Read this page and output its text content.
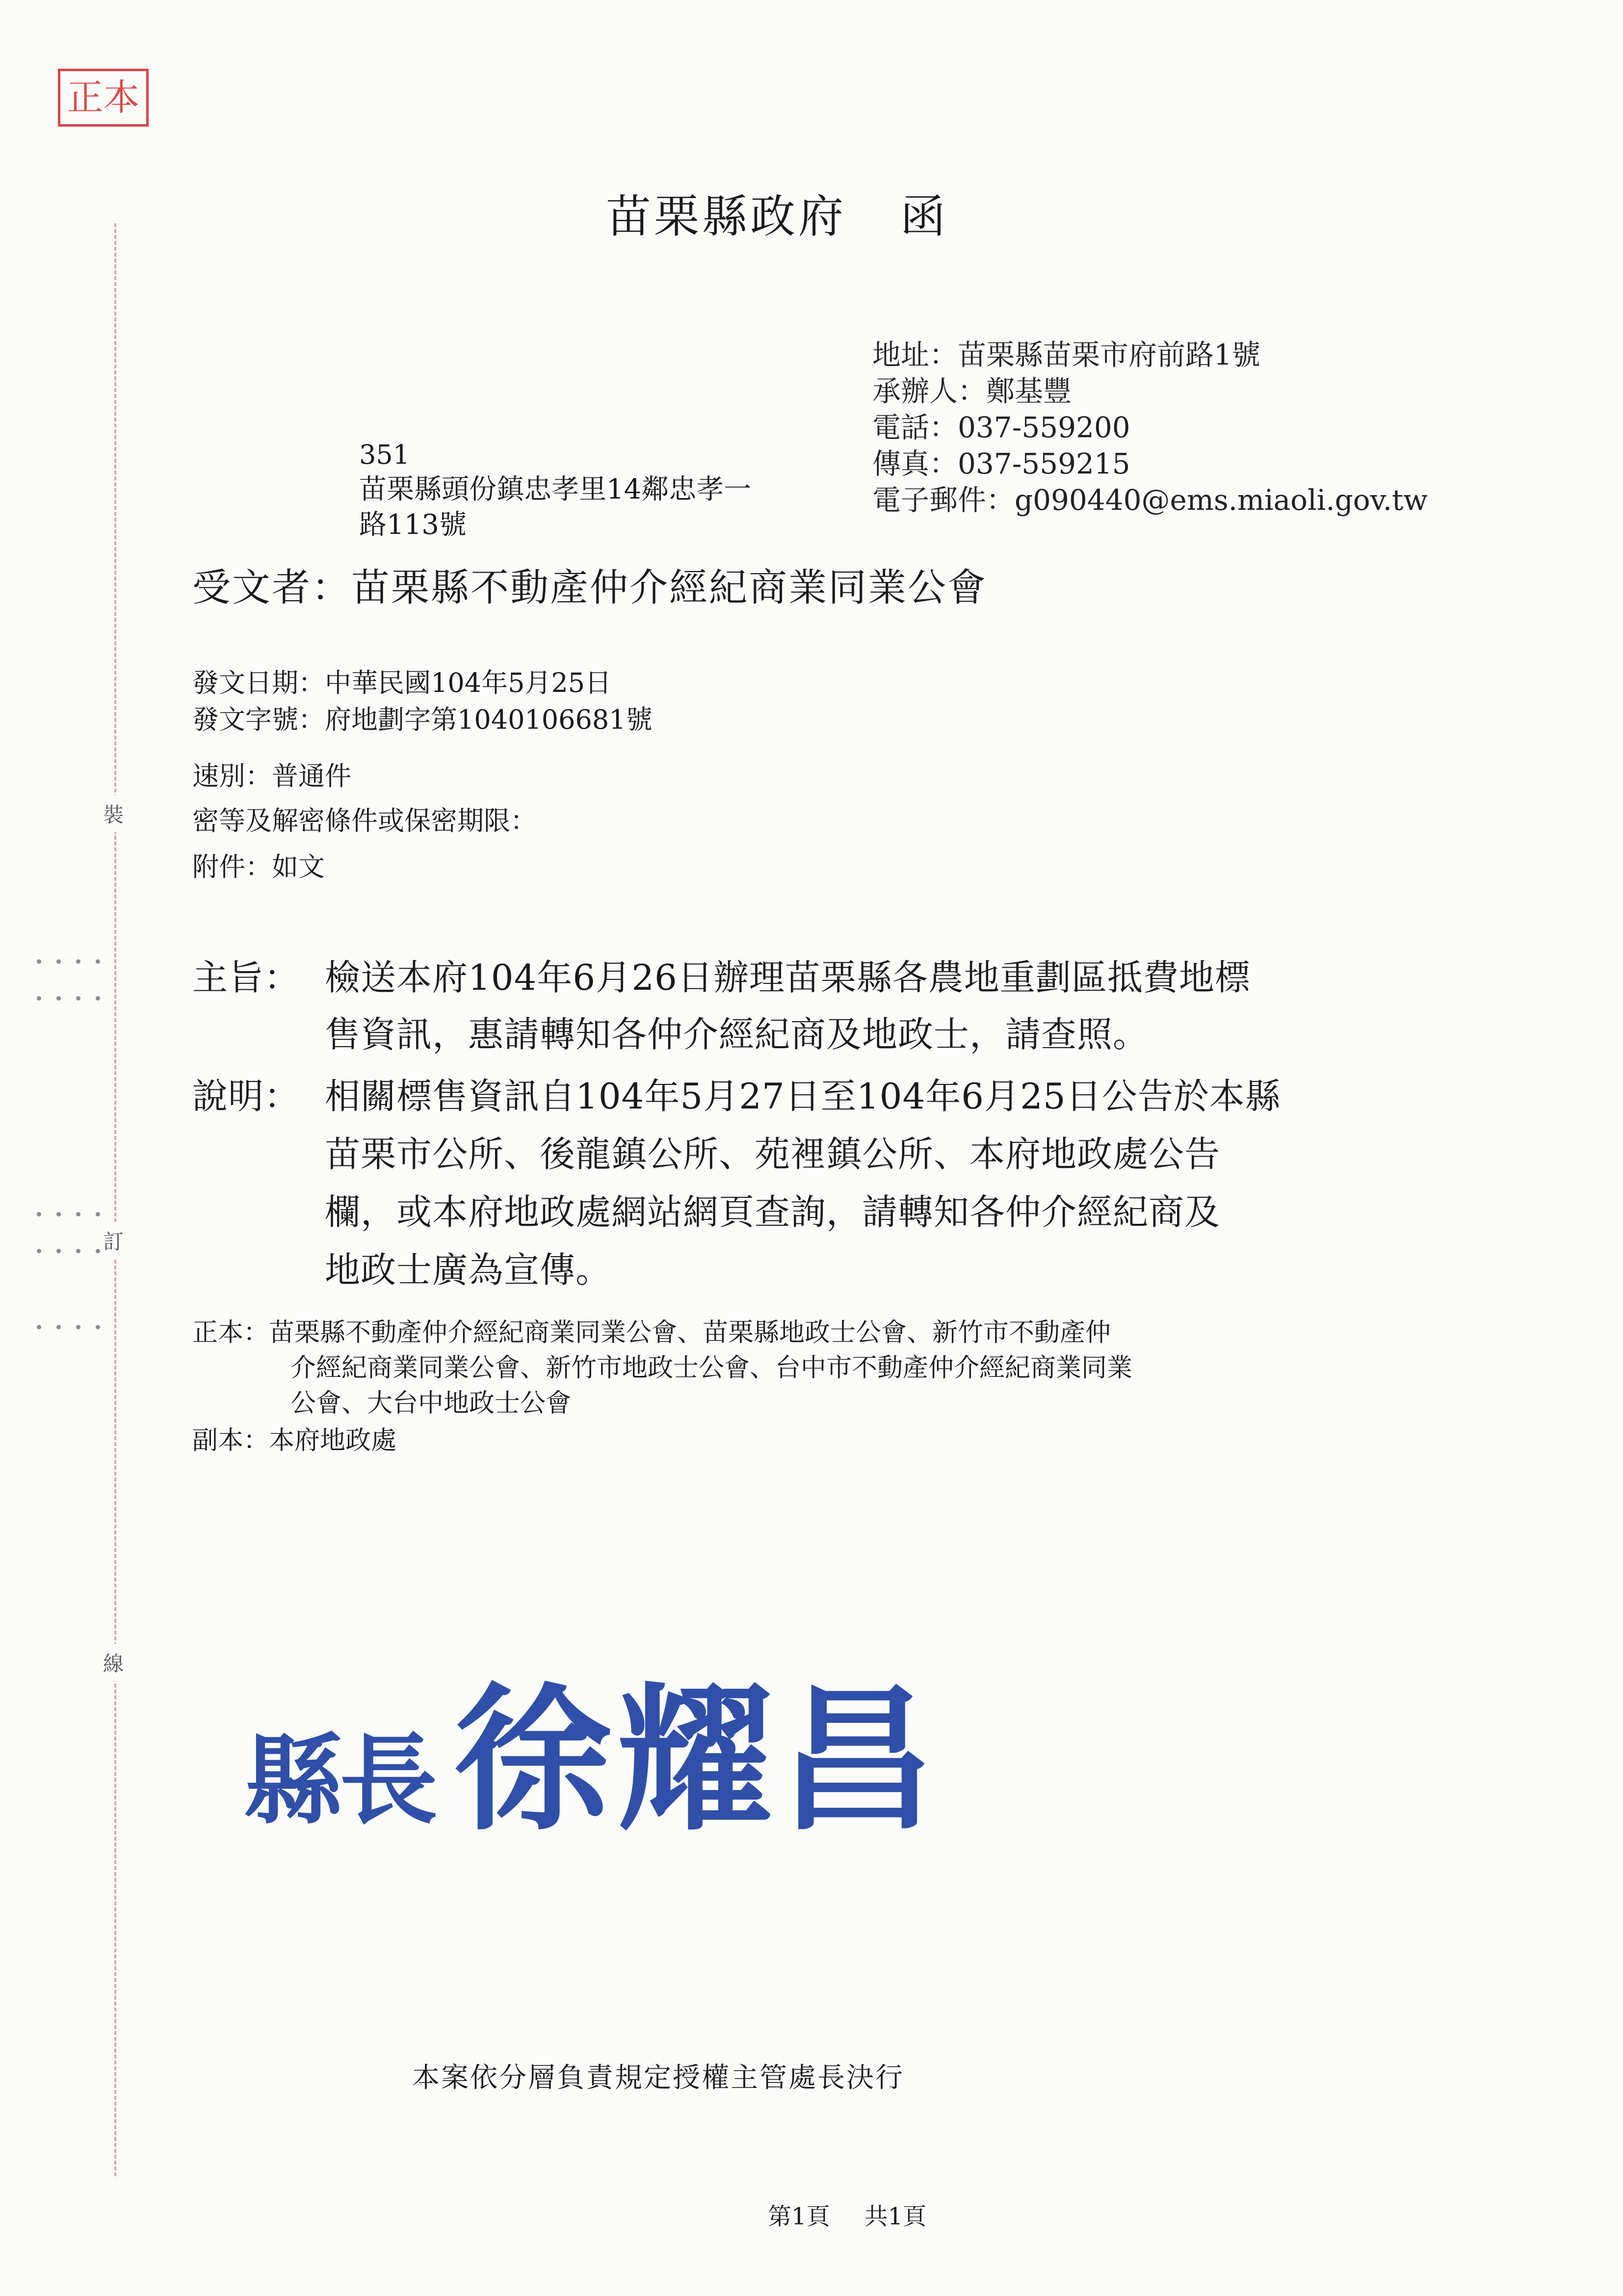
正本
裝
訂
線
苗栗縣政府 函
地址：苗栗縣苗栗市府前路1號
承辦人：鄭基豐
電話：037-559200
傳真：037-559215
電子郵件：g090440@ems.miaoli.gov.tw
351
苗栗縣頭份鎮忠孝里14鄰忠孝一
路113號
受文者：苗栗縣不動產仲介經紀商業同業公會
發文日期：中華民國104年5月25日
發文字號：府地劃字第1040106681號
速別：普通件
密等及解密條件或保密期限：
附件：如文
主旨： 檢送本府104年6月26日辦理苗栗縣各農地重劃區抵費地標
售資訊，惠請轉知各仲介經紀商及地政士，請查照。
說明： 相關標售資訊自104年5月27日至104年6月25日公告於本縣
苗栗市公所、後龍鎮公所、苑裡鎮公所、本府地政處公告
欄，或本府地政處網站網頁查詢，請轉知各仲介經紀商及
地政士廣為宣傳。
正本：苗栗縣不動產仲介經紀商業同業公會、苗栗縣地政士公會、新竹市不動產仲
介經紀商業同業公會、新竹市地政士公會、台中市不動產仲介經紀商業同業
公會、大台中地政士公會
副本：本府地政處
縣長 徐耀昌
本案依分層負責規定授權主管處長決行
第1頁 共1頁
